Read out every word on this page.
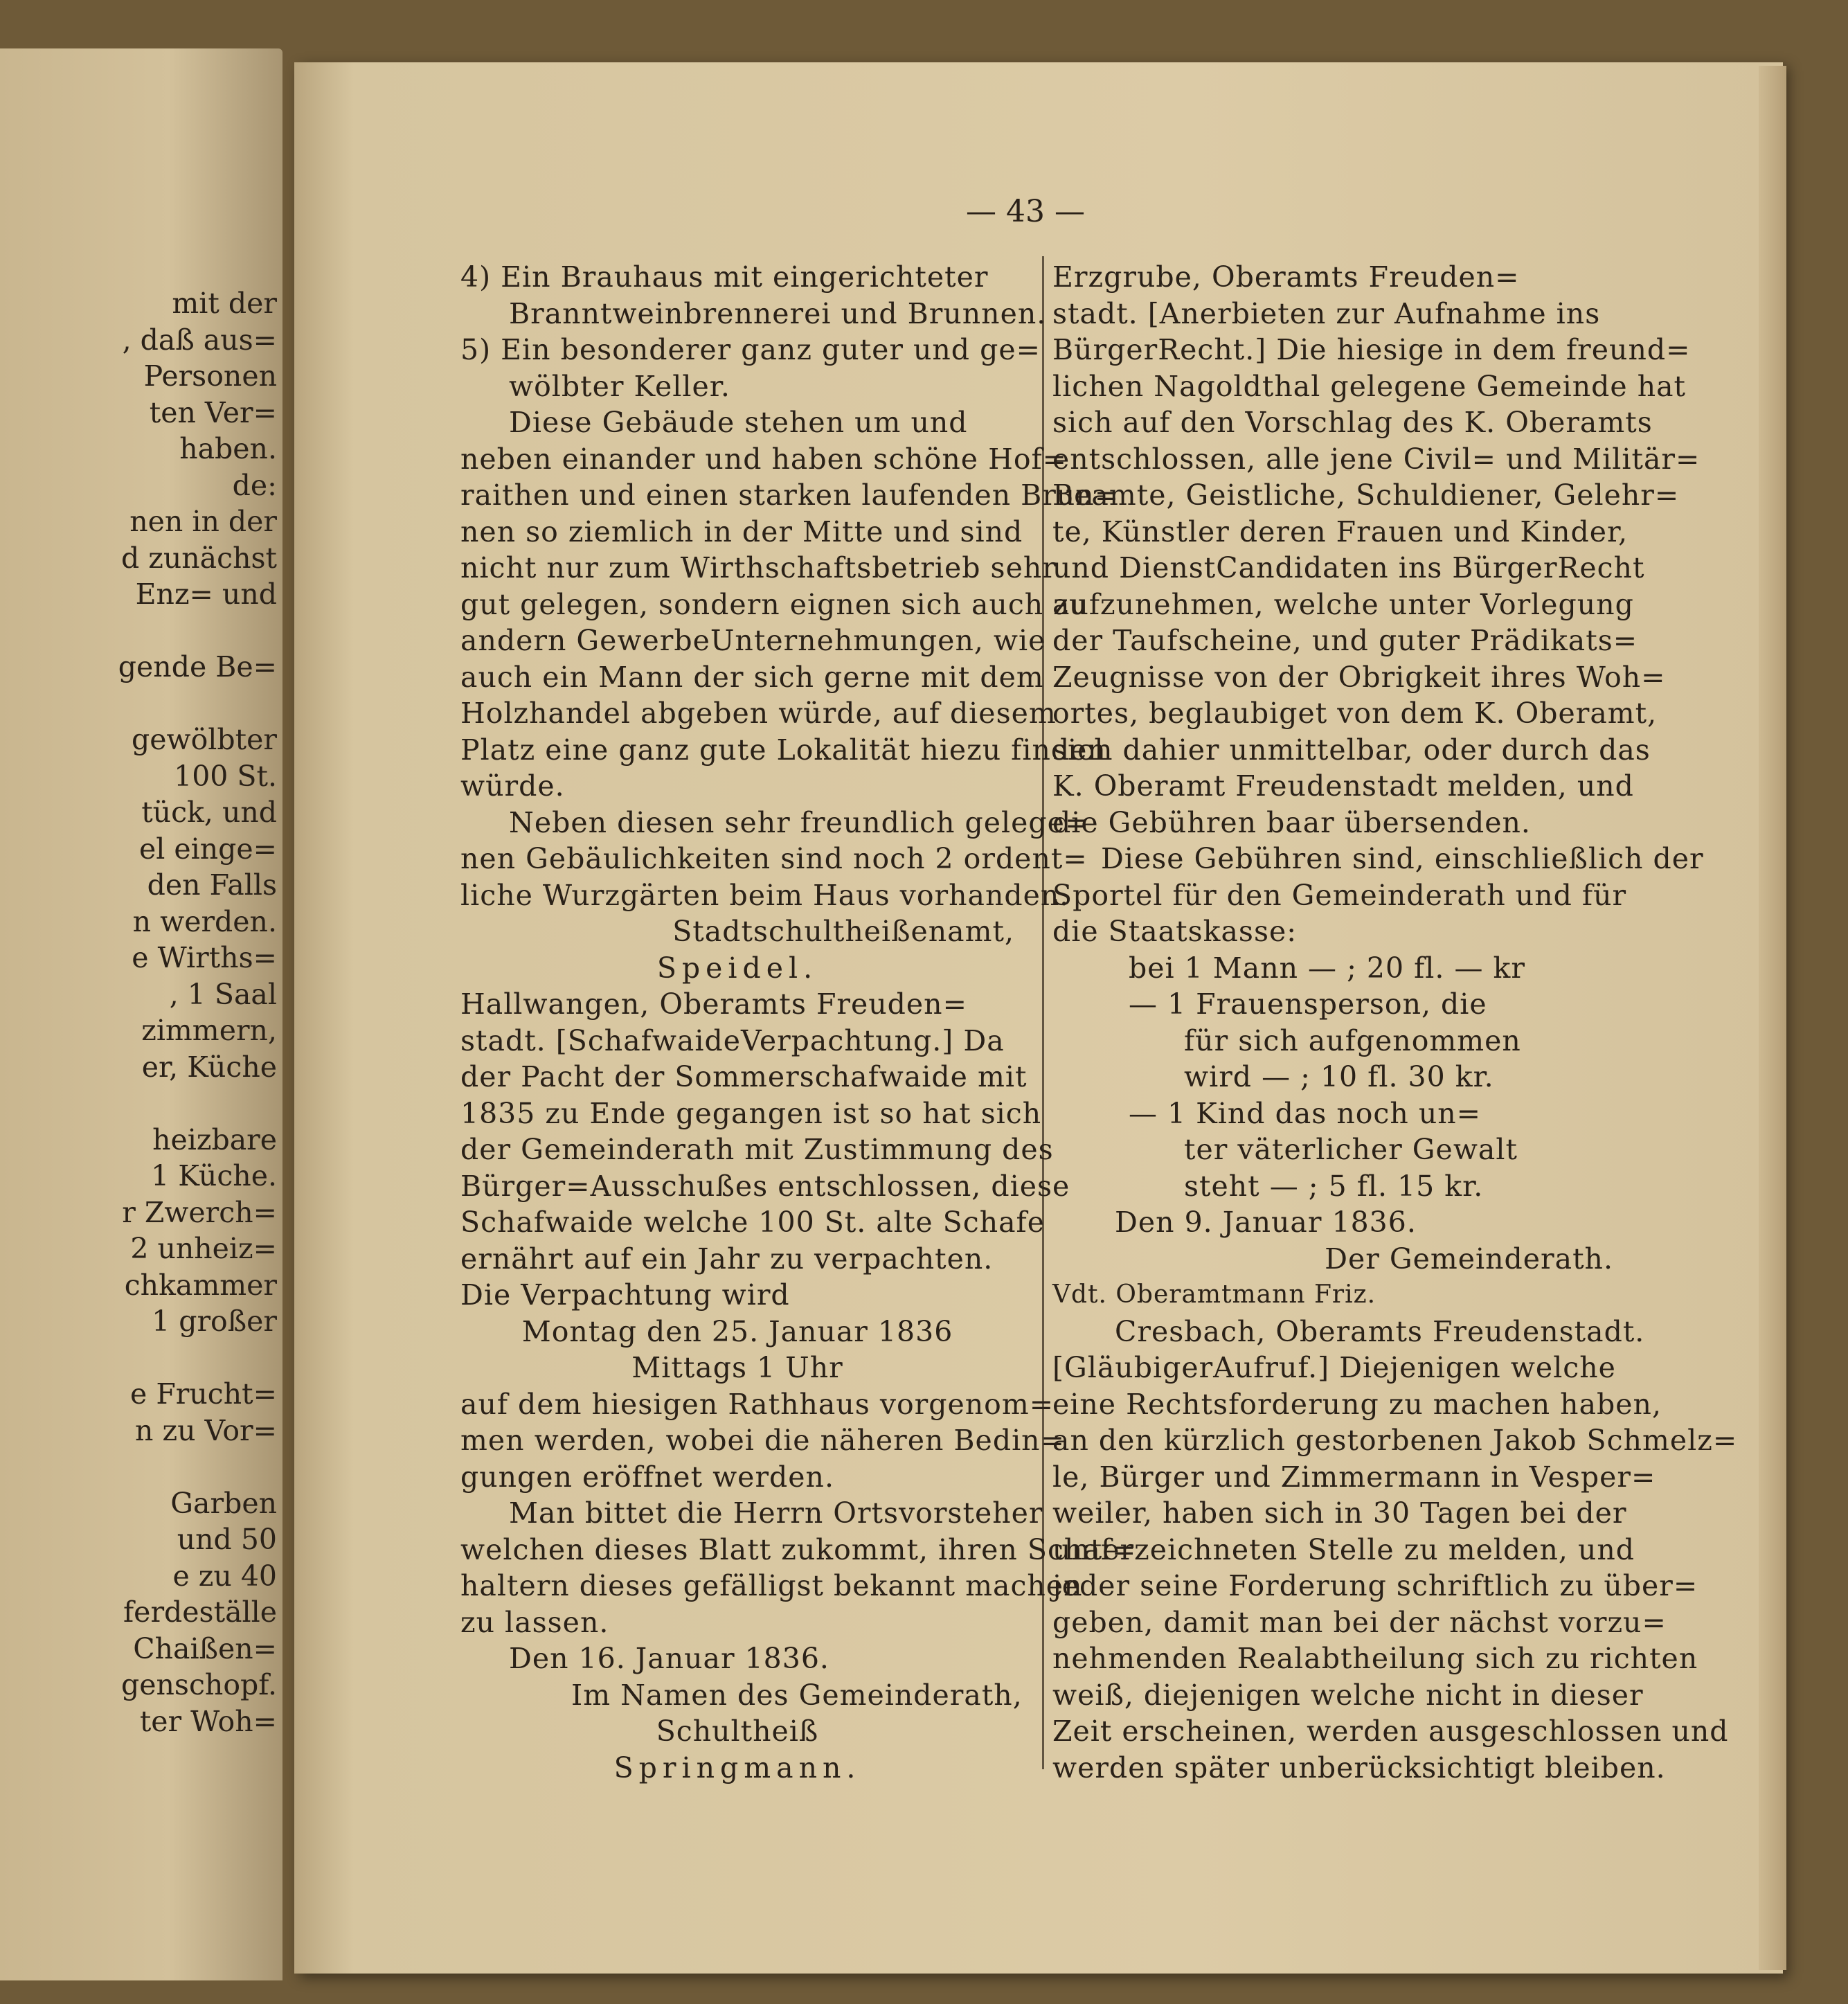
mit der
, daß aus=
Personen
ten Ver=
haben.
de:
nen in der
d zunächst
Enz= und
gende Be=
gewölbter
100 St.
tück, und
el einge=
den Falls
n werden.
e Wirths=
, 1 Saal
zimmern,
er, Küche
heizbare
1 Küche.
r Zwerch=
2 unheiz=
chkammer
1 großer
e Frucht=
n zu Vor=
Garben
und 50
e zu 40
ferdeställe
Chaißen=
genschopf.
ter Woh=
— 43 —
4) Ein Brauhaus mit eingerichteter
Branntweinbrennerei und Brunnen.
5) Ein besonderer ganz guter und ge=
wölbter Keller.
Diese Gebäude stehen um und
neben einander und haben schöne Hof=
raithen und einen starken laufenden Brun=
nen so ziemlich in der Mitte und sind
nicht nur zum Wirthschaftsbetrieb sehr
gut gelegen, sondern eignen sich auch zu
andern GewerbeUnternehmungen, wie
auch ein Mann der sich gerne mit dem
Holzhandel abgeben würde, auf diesem
Platz eine ganz gute Lokalität hiezu finden
würde.
Neben diesen sehr freundlich gelege=
nen Gebäulichkeiten sind noch 2 ordent=
liche Wurzgärten beim Haus vorhanden.
Stadtschultheißenamt,
Speidel.
Hallwangen, Oberamts Freuden=
stadt. [SchafwaideVerpachtung.] Da
der Pacht der Sommerschafwaide mit
1835 zu Ende gegangen ist so hat sich
der Gemeinderath mit Zustimmung des
Bürger=Ausschußes entschlossen, diese
Schafwaide welche 100 St. alte Schafe
ernährt auf ein Jahr zu verpachten.
Die Verpachtung wird
Montag den 25. Januar 1836
Mittags 1 Uhr
auf dem hiesigen Rathhaus vorgenom=
men werden, wobei die näheren Bedin=
gungen eröffnet werden.
Man bittet die Herrn Ortsvorsteher
welchen dieses Blatt zukommt, ihren Schaf=
haltern dieses gefälligst bekannt machen
zu lassen.
Den 16. Januar 1836.
Im Namen des Gemeinderath,
Schultheiß
Springmann.
Erzgrube, Oberamts Freuden=
stadt. [Anerbieten zur Aufnahme ins
BürgerRecht.] Die hiesige in dem freund=
lichen Nagoldthal gelegene Gemeinde hat
sich auf den Vorschlag des K. Oberamts
entschlossen, alle jene Civil= und Militär=
Beamte, Geistliche, Schuldiener, Gelehr=
te, Künstler deren Frauen und Kinder,
und DienstCandidaten ins BürgerRecht
aufzunehmen, welche unter Vorlegung
der Taufscheine, und guter Prädikats=
Zeugnisse von der Obrigkeit ihres Woh=
ortes, beglaubiget von dem K. Oberamt,
sich dahier unmittelbar, oder durch das
K. Oberamt Freudenstadt melden, und
die Gebühren baar übersenden.
Diese Gebühren sind, einschließlich der
Sportel für den Gemeinderath und für
die Staatskasse:
bei 1 Mann — ; 20 fl. — kr
— 1 Frauensperson, die
für sich aufgenommen
wird — ; 10 fl. 30 kr.
— 1 Kind das noch un=
ter väterlicher Gewalt
steht — ; 5 fl. 15 kr.
Den 9. Januar 1836.
Der Gemeinderath.
Vdt. Oberamtmann Friz.
Cresbach, Oberamts Freudenstadt.
[GläubigerAufruf.] Diejenigen welche
eine Rechtsforderung zu machen haben,
an den kürzlich gestorbenen Jakob Schmelz=
le, Bürger und Zimmermann in Vesper=
weiler, haben sich in 30 Tagen bei der
unterzeichneten Stelle zu melden, und
jeder seine Forderung schriftlich zu über=
geben, damit man bei der nächst vorzu=
nehmenden Realabtheilung sich zu richten
weiß, diejenigen welche nicht in dieser
Zeit erscheinen, werden ausgeschlossen und
werden später unberücksichtigt bleiben.
